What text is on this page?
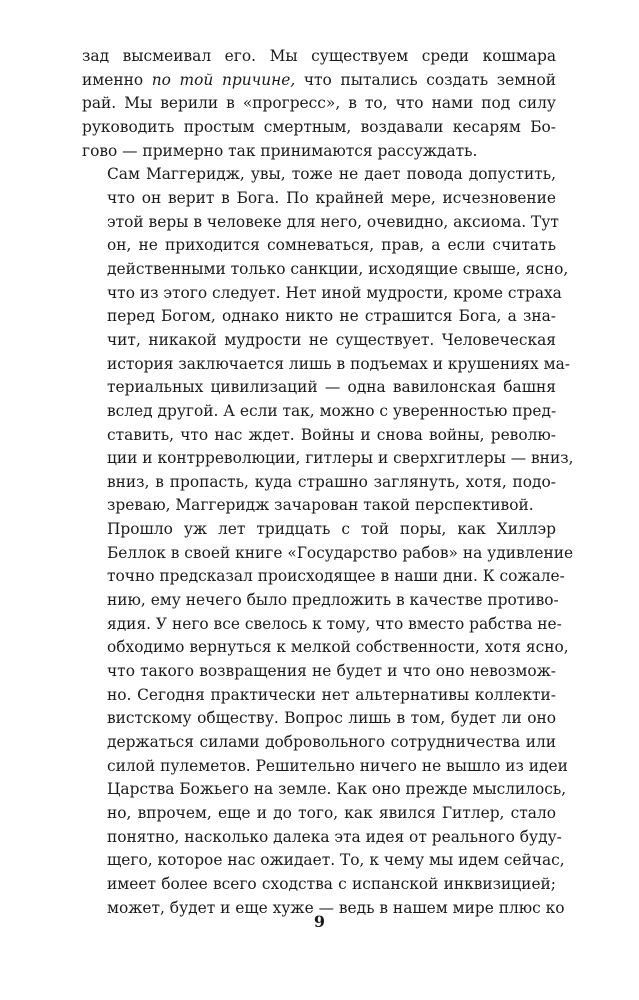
зад высмеивал его. Мы существуем среди кошмара
именно по той причине, что пытались создать земной
рай. Мы верили в «прогресс», в то, что нами под силу
руководить простым смертным, воздавали кесарям Бо-
гово — примерно так принимаются рассуждать.

Сам Маггеридж, увы, тоже не дает повода допустить,
что он верит в Бога. По крайней мере, исчезновение
этой веры в человеке для него, очевидно, аксиома. Тут
он, не приходится сомневаться, прав, а если считать
действенными только санкции, исходящие свыше, ясно,
что из этого следует. Нет иной мудрости, кроме страха
перед Богом, однако никто не страшится Бога, а зна-
чит, никакой мудрости не существует. Человеческая
история заключается лишь в подъемах и крушениях ма-
териальных цивилизаций — одна вавилонская башня
вслед другой. А если так, можно с уверенностью пред-
ставить, что нас ждет. Войны и снова войны, револю-
ции и контрреволюции, гитлеры и сверхгитлеры — вниз,
вниз, в пропасть, куда страшно заглянуть, хотя, подо-
зреваю, Маггеридж зачарован такой перспективой.

Прошло уж лет тридцать с той поры, как Хиллэр
Беллок в своей книге «Государство рабов» на удивление
точно предсказал происходящее в наши дни. К сожале-
нию, ему нечего было предложить в качестве противо-
ядия. У него все свелось к тому, что вместо рабства не-
обходимо вернуться к мелкой собственности, хотя ясно,
что такого возвращения не будет и что оно невозмож-
но. Сегодня практически нет альтернативы коллекти-
вистскому обществу. Вопрос лишь в том, будет ли оно
держаться силами добровольного сотрудничества или
силой пулеметов. Решительно ничего не вышло из идеи
Царства Божьего на земле. Как оно прежде мыслилось,
но, впрочем, еще и до того, как явился Гитлер, стало
понятно, насколько далека эта идея от реального буду-
щего, которое нас ожидает. То, к чему мы идем сейчас,
имеет более всего сходства с испанской инквизицией;
может, будет и еще хуже — ведь в нашем мире плюс ко

9
